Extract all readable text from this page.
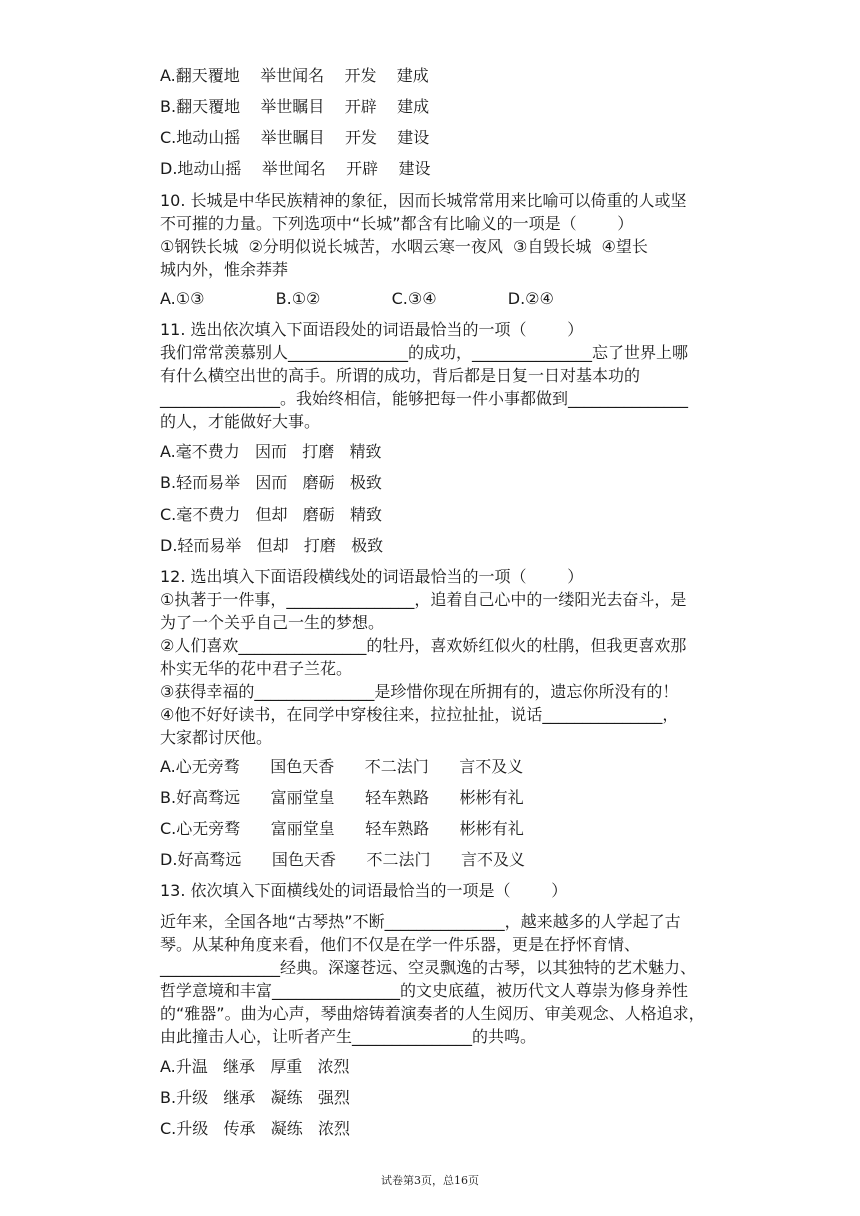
A.翻天覆地    举世闻名    开发    建成
B.翻天覆地    举世瞩目    开辟    建成
C.地动山摇    举世瞩目    开发    建设
D.地动山摇    举世闻名    开辟    建设
10. 长城是中华民族精神的象征，因而长城常常用来比喻可以倚重的人或坚
不可摧的力量。下列选项中“长城”都含有比喻义的一项是（        ）
①钢铁长城  ②分明似说长城苦，水咽云寒一夜风  ③自毁长城  ④望长
城内外，惟余莽莽
A.①③              B.①②              C.③④              D.②④
11. 选出依次填入下面语段处的词语最恰当的一项（        ）
我们常常羡慕别人_______________的成功，_______________忘了世界上哪
有什么横空出世的高手。所谓的成功，背后都是日复一日对基本功的
_______________。我始终相信，能够把每一件小事都做到_______________
的人，才能做好大事。
A.毫不费力   因而   打磨   精致
B.轻而易举   因而   磨砺   极致
C.毫不费力   但却   磨砺   精致
D.轻而易举   但却   打磨   极致
12. 选出填入下面语段横线处的词语最恰当的一项（        ）
①执著于一件事，________________，追着自己心中的一缕阳光去奋斗，是
为了一个关乎自己一生的梦想。
②人们喜欢________________的牡丹，喜欢娇红似火的杜鹃，但我更喜欢那
朴实无华的花中君子兰花。
③获得幸福的_______________是珍惜你现在所拥有的，遗忘你所没有的！
④他不好好读书，在同学中穿梭往来，拉拉扯扯，说话_______________，
大家都讨厌他。
A.心无旁骛      国色天香      不二法门      言不及义
B.好高骛远      富丽堂皇      轻车熟路      彬彬有礼
C.心无旁骛      富丽堂皇      轻车熟路      彬彬有礼
D.好高骛远      国色天香      不二法门      言不及义
13. 依次填入下面横线处的词语最恰当的一项是（        ）
近年来，全国各地“古琴热”不断_______________，越来越多的人学起了古
琴。从某种角度来看，他们不仅是在学一件乐器，更是在抒怀育情、
_______________经典。深邃苍远、空灵飘逸的古琴，以其独特的艺术魅力、
哲学意境和丰富________________的文史底蕴，被历代文人尊崇为修身养性
的“雅器”。曲为心声，琴曲熔铸着演奏者的人生阅历、审美观念、人格追求，
由此撞击人心，让听者产生_______________的共鸣。
A.升温   继承   厚重   浓烈
B.升级   继承   凝练   强烈
C.升级   传承   凝练   浓烈
试卷第3页，总16页
